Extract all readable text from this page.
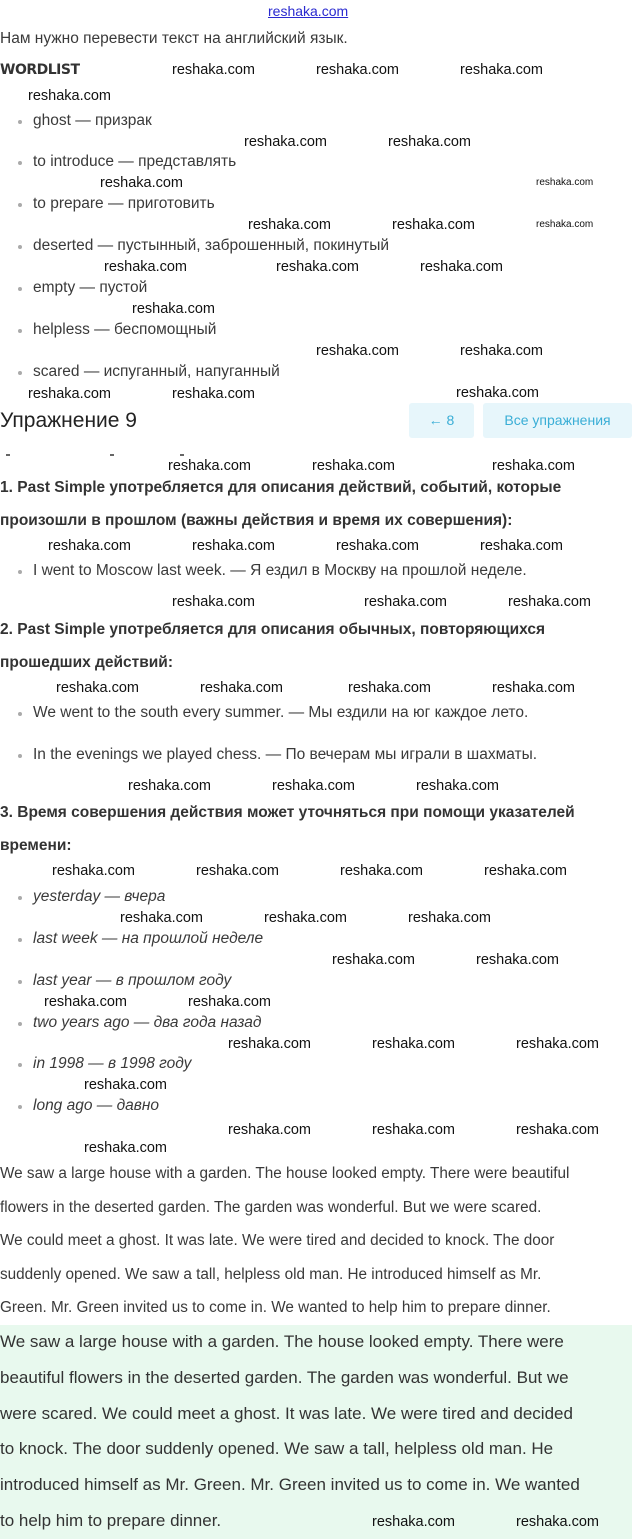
reshaka.com
Нам нужно перевести текст на английский язык.
WORDLIST
ghost — призрак
to introduce — представлять
to prepare — приготовить
deserted — пустынный, заброшенный, покинутый
empty — пустой
helpless — беспомощный
scared — испуганный, напуганный
Упражнение 9	← 8	Все упражнения
1. Past Simple употребляется для описания действий, событий, которые
произошли в прошлом (важны действия и время их совершения):
I went to Moscow last week. — Я ездил в Москву на прошлой неделе.
2. Past Simple употребляется для описания обычных, повторяющихся
прошедших действий:
We went to the south every summer. — Мы ездили на юг каждое лето.
In the evenings we played chess. — По вечерам мы играли в шахматы.
3. Время совершения действия может уточняться при помощи указателей
времени:
yesterday — вчера
last week — на прошлой неделе
last year — в прошлом году
two years ago — два года назад
in 1998 — в 1998 году
long ago — давно
We saw a large house with a garden. The house looked empty. There were beautiful
flowers in the deserted garden. The garden was wonderful. But we were scared.
We could meet a ghost. It was late. We were tired and decided to knock. The door
suddenly opened. We saw a tall, helpless old man. He introduced himself as Mr.
Green. Mr. Green invited us to come in. We wanted to help him to prepare dinner.
We saw a large house with a garden. The house looked empty. There were
beautiful flowers in the deserted garden. The garden was wonderful. But we
were scared. We could meet a ghost. It was late. We were tired and decided
to knock. The door suddenly opened. We saw a tall, helpless old man. He
introduced himself as Mr. Green. Mr. Green invited us to come in. We wanted
to help him to prepare dinner.
reshaka.com	reshaka.com	reshaka.com
reshaka.com
reshaka.com	reshaka.com
reshaka.com	reshaka.com
reshaka.com	reshaka.com	reshaka.com
reshaka.com	reshaka.com	reshaka.com
reshaka.com
reshaka.com	reshaka.com
reshaka.com	reshaka.com	reshaka.com
reshaka.com	reshaka.com	reshaka.com
reshaka.com	reshaka.com	reshaka.com	reshaka.com
reshaka.com	reshaka.com	reshaka.com
reshaka.com
reshaka.com	reshaka.com	reshaka.com
reshaka.com
reshaka.com
reshaka.com
reshaka.com
reshaka.com
reshaka.com
reshaka.com
reshaka.com
reshaka.com
reshaka.com
reshaka.com
reshaka.com
reshaka.com
reshaka.com
reshaka.com
reshaka.com
reshaka.com
reshaka.com
reshaka.com
reshaka.com
reshaka.com
reshaka.com
reshaka.com	reshaka.com
